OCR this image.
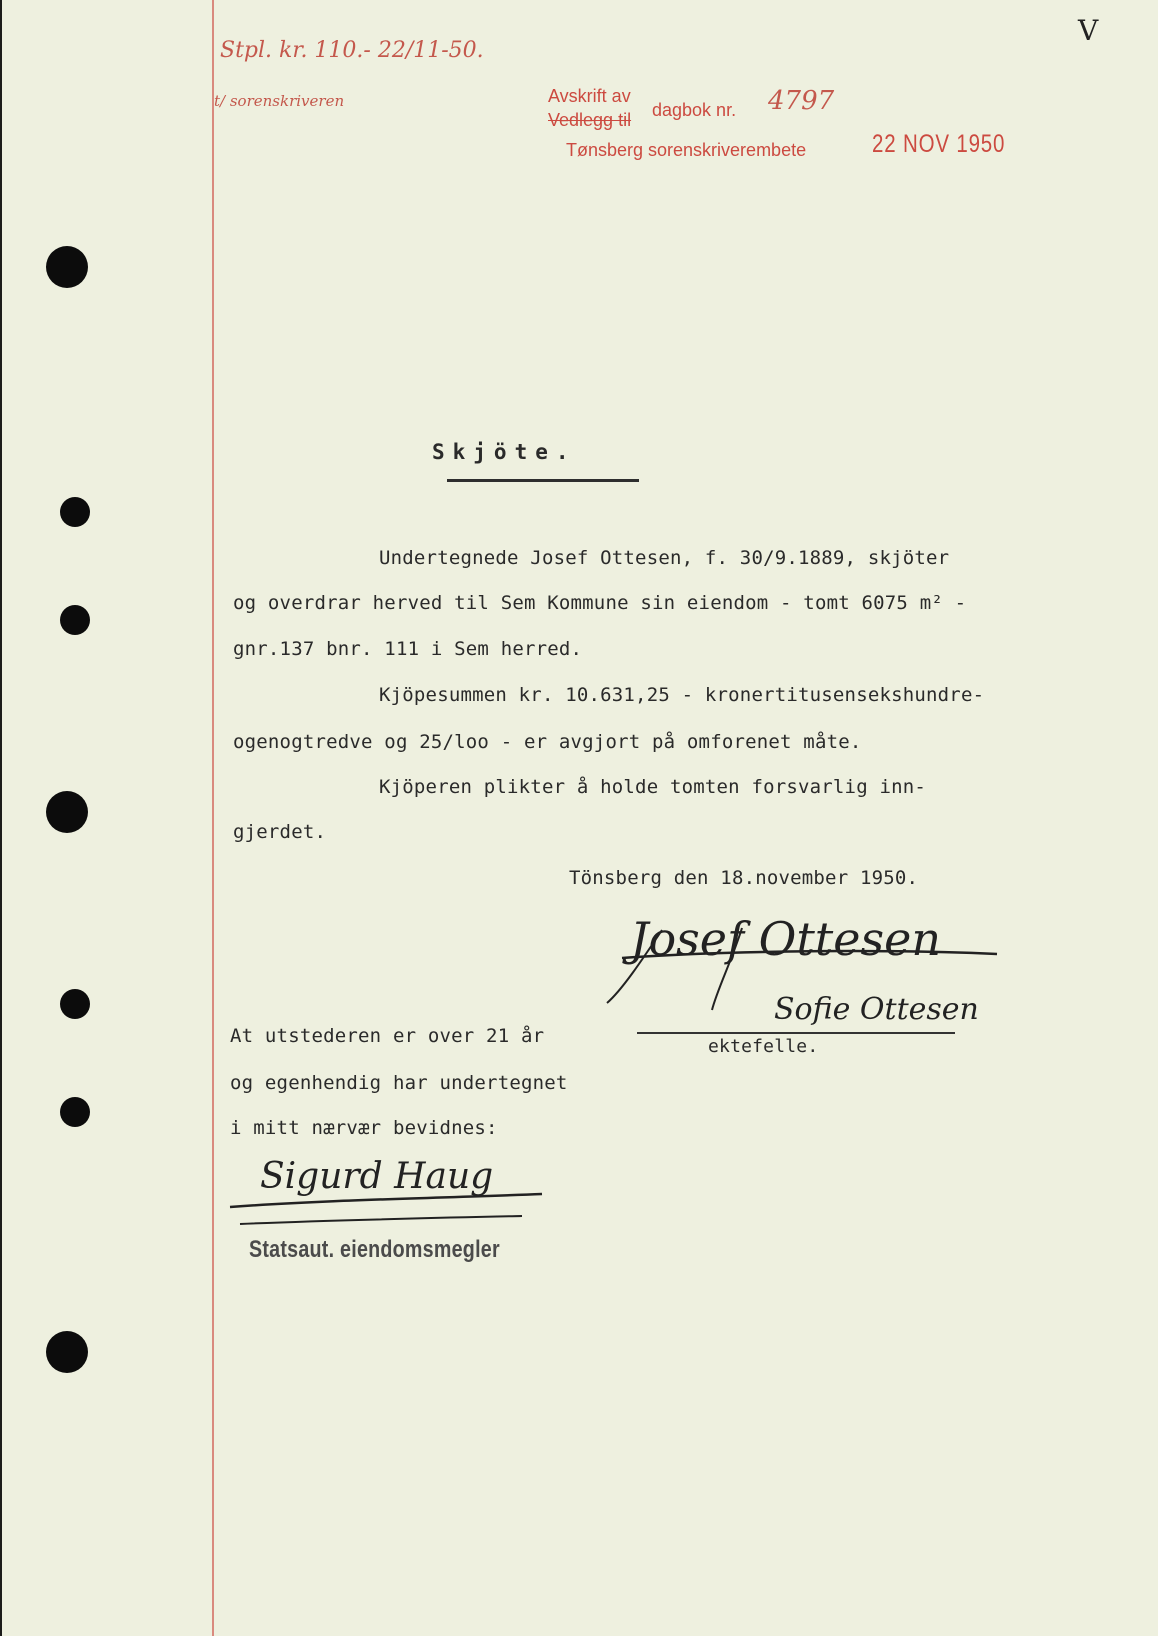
Stpl. kr. 110.- 22/11-50.
t/ sorenskriveren
V
Avskrift av
Vedlegg til dagbok nr. 4797
Tønsberg sorenskriverembete	22 NOV 1950
Skjöte.
Undertegnede Josef Ottesen, f. 30/9.1889, skjöter
og overdrar herved til Sem Kommune sin eiendom - tomt 6075 m² -
gnr.137 bnr. 111 i Sem herred.
Kjöpesummen kr. 10.631,25 - kronertitusensekshundre-
ogenogtredve og 25/loo - er avgjort på omforenet måte.
Kjöperen plikter å holde tomten forsvarlig inn-
gjerdet.
Tönsberg den 18.november 1950.
Josef Ottesen
Sofie Ottesen
ektefelle.
At utstederen er over 21 år
og egenhendig har undertegnet
i mitt nærvær bevidnes:
Sigurd Haug
Statsaut. eiendomsmegler
